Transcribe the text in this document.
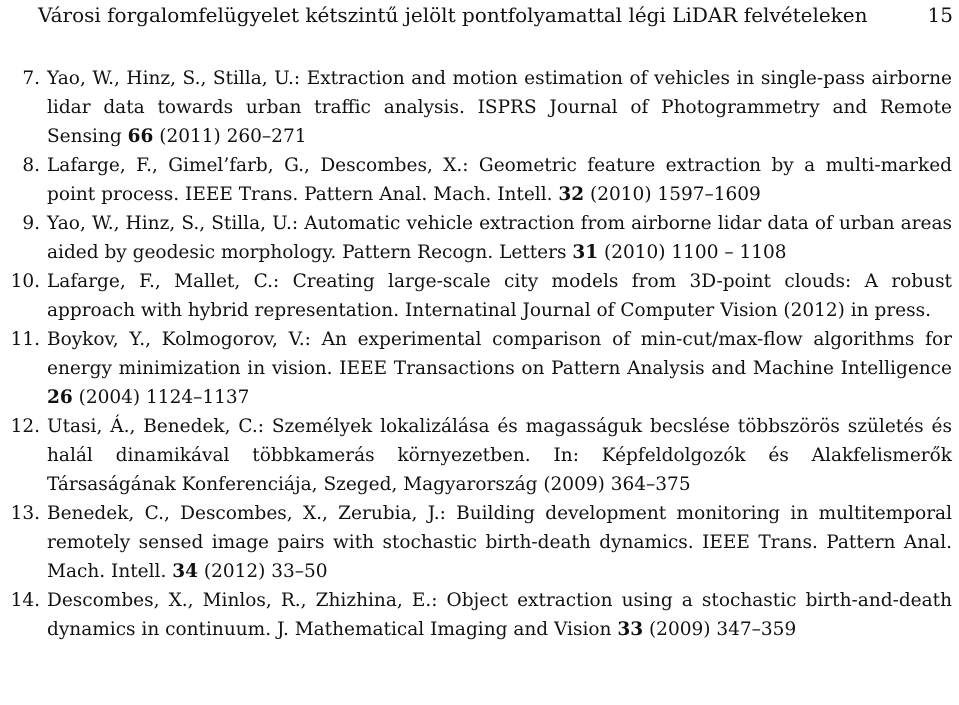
Városi forgalomfelügyelet kétszintű jelölt pontfolyamattal légi LiDAR felvételeken	15
7. Yao, W., Hinz, S., Stilla, U.: Extraction and motion estimation of vehicles in single-pass airborne lidar data towards urban traffic analysis. ISPRS Journal of Photogrammetry and Remote Sensing 66 (2011) 260–271
8. Lafarge, F., Gimel’farb, G., Descombes, X.: Geometric feature extraction by a multi-marked point process. IEEE Trans. Pattern Anal. Mach. Intell. 32 (2010) 1597–1609
9. Yao, W., Hinz, S., Stilla, U.: Automatic vehicle extraction from airborne lidar data of urban areas aided by geodesic morphology. Pattern Recogn. Letters 31 (2010) 1100 – 1108
10. Lafarge, F., Mallet, C.: Creating large-scale city models from 3D-point clouds: A robust approach with hybrid representation. Internatinal Journal of Computer Vision (2012) in press.
11. Boykov, Y., Kolmogorov, V.: An experimental comparison of min-cut/max-flow algorithms for energy minimization in vision. IEEE Transactions on Pattern Analysis and Machine Intelligence 26 (2004) 1124–1137
12. Utasi, Á., Benedek, C.: Személyek lokalizálása és magasságuk becslése többszörös születés és halál dinamikával többkamerás környezetben. In: Képfeldolgozók és Alakfelismerők Társaságának Konferenciája, Szeged, Magyarország (2009) 364–375
13. Benedek, C., Descombes, X., Zerubia, J.: Building development monitoring in multitemporal remotely sensed image pairs with stochastic birth-death dynamics. IEEE Trans. Pattern Anal. Mach. Intell. 34 (2012) 33–50
14. Descombes, X., Minlos, R., Zhizhina, E.: Object extraction using a stochastic birth-and-death dynamics in continuum. J. Mathematical Imaging and Vision 33 (2009) 347–359
